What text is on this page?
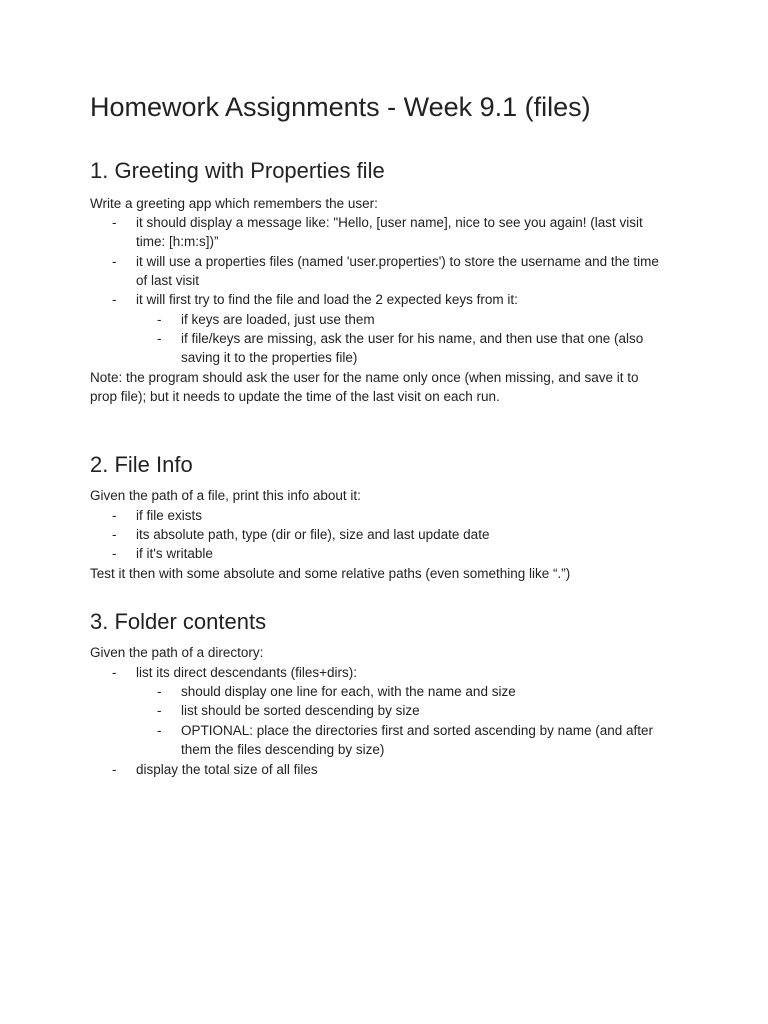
Homework Assignments - Week 9.1 (files)
1. Greeting with Properties file
Write a greeting app which remembers the user:
- it should display a message like: "Hello, [user name], nice to see you again! (last visit
time: [h:m:s])”
- it will use a properties files (named 'user.properties') to store the username and the time
of last visit
- it will first try to find the file and load the 2 expected keys from it:
- if keys are loaded, just use them
- if file/keys are missing, ask the user for his name, and then use that one (also
saving it to the properties file)
Note: the program should ask the user for the name only once (when missing, and save it to
prop file); but it needs to update the time of the last visit on each run.
2. File Info
Given the path of a file, print this info about it:
- if file exists
- its absolute path, type (dir or file), size and last update date
- if it's writable
Test it then with some absolute and some relative paths (even something like “.”)
3. Folder contents
Given the path of a directory:
- list its direct descendants (files+dirs):
- should display one line for each, with the name and size
- list should be sorted descending by size
- OPTIONAL: place the directories first and sorted ascending by name (and after
them the files descending by size)
- display the total size of all files
